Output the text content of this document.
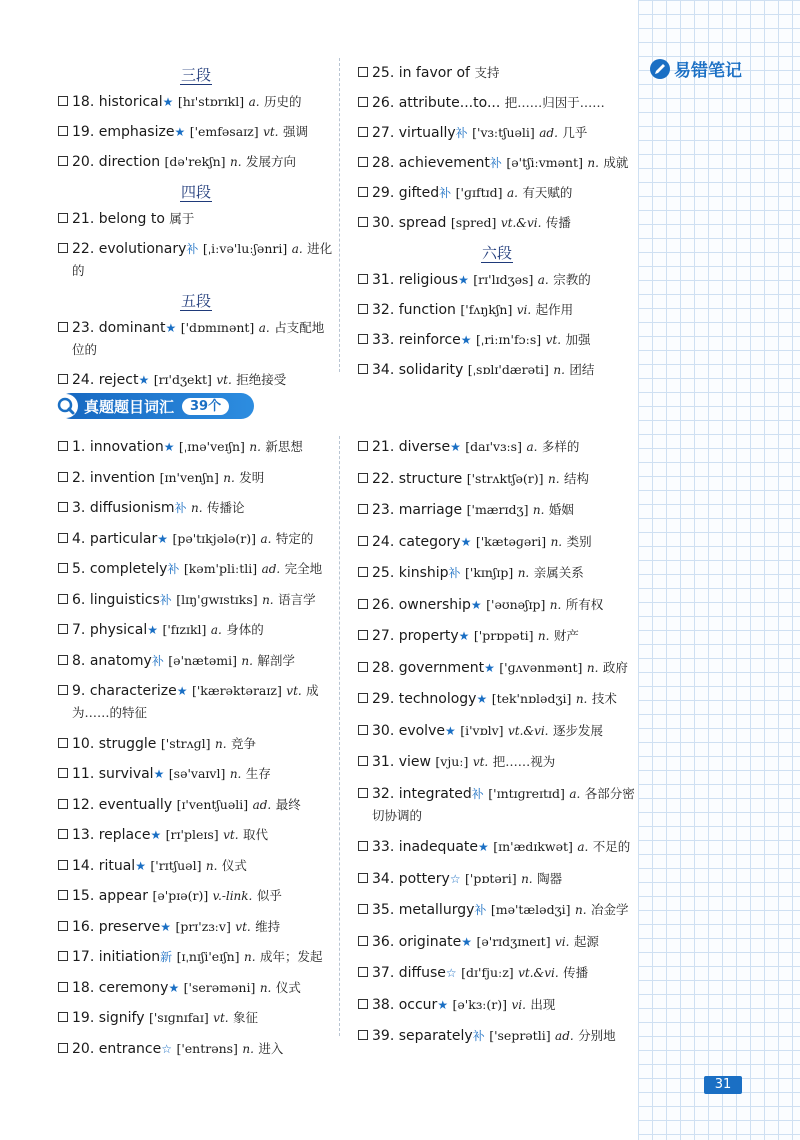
易错笔记
三段
18. historical★ [hɪ'stɒrɪkl] a. 历史的
19. emphasize★ ['emfəsaɪz] vt. 强调
20. direction [də'rekʃn] n. 发展方向
四段
21. belong to 属于
22. evolutionary补 [ˌiːvə'luːʃənri] a. 进化的
五段
23. dominant★ ['dɒmɪnənt] a. 占支配地位的
24. reject★ [rɪ'dʒekt] vt. 拒绝接受
25. in favor of 支持
26. attribute...to... 把……归因于……
27. virtually补 ['vɜːtʃuəli] ad. 几乎
28. achievement补 [ə'tʃiːvmənt] n. 成就
29. gifted补 ['ɡɪftɪd] a. 有天赋的
30. spread [spred] vt.&vi. 传播
六段
31. religious★ [rɪ'lɪdʒəs] a. 宗教的
32. function ['fʌŋkʃn] vi. 起作用
33. reinforce★ [ˌriːɪn'fɔːs] vt. 加强
34. solidarity [ˌsɒlɪ'dærəti] n. 团结
真题题目词汇	39个
1. innovation★ [ˌɪnə'veɪʃn] n. 新思想
2. invention [ɪn'venʃn] n. 发明
3. diffusionism补 n. 传播论
4. particular★ [pə'tɪkjələ(r)] a. 特定的
5. completely补 [kəm'pliːtli] ad. 完全地
6. linguistics补 [lɪŋ'ɡwɪstɪks] n. 语言学
7. physical★ ['fɪzɪkl] a. 身体的
8. anatomy补 [ə'nætəmi] n. 解剖学
9. characterize★ ['kærəktəraɪz] vt. 成为……的特征
10. struggle ['strʌɡl] n. 竞争
11. survival★ [sə'vaɪvl] n. 生存
12. eventually [ɪ'ventʃuəli] ad. 最终
13. replace★ [rɪ'pleɪs] vt. 取代
14. ritual★ ['rɪtʃuəl] n. 仪式
15. appear [ə'pɪə(r)] v.-link. 似乎
16. preserve★ [prɪ'zɜːv] vt. 维持
17. initiation新 [ɪˌnɪʃi'eɪʃn] n. 成年；发起
18. ceremony★ ['serəməni] n. 仪式
19. signify ['sɪɡnɪfaɪ] vt. 象征
20. entrance☆ ['entrəns] n. 进入
21. diverse★ [daɪ'vɜːs] a. 多样的
22. structure ['strʌktʃə(r)] n. 结构
23. marriage ['mærɪdʒ] n. 婚姻
24. category★ ['kætəɡəri] n. 类别
25. kinship补 ['kɪnʃɪp] n. 亲属关系
26. ownership★ ['əʊnəʃɪp] n. 所有权
27. property★ ['prɒpəti] n. 财产
28. government★ ['ɡʌvənmənt] n. 政府
29. technology★ [tek'nɒlədʒi] n. 技术
30. evolve★ [i'vɒlv] vt.&vi. 逐步发展
31. view [vjuː] vt. 把……视为
32. integrated补 ['ɪntɪɡreɪtɪd] a. 各部分密切协调的
33. inadequate★ [ɪn'ædɪkwət] a. 不足的
34. pottery☆ ['pɒtəri] n. 陶器
35. metallurgy补 [mə'tælədʒi] n. 冶金学
36. originate★ [ə'rɪdʒɪneɪt] vi. 起源
37. diffuse☆ [dɪ'fjuːz] vt.&vi. 传播
38. occur★ [ə'kɜː(r)] vi. 出现
39. separately补 ['seprətli] ad. 分别地
31
